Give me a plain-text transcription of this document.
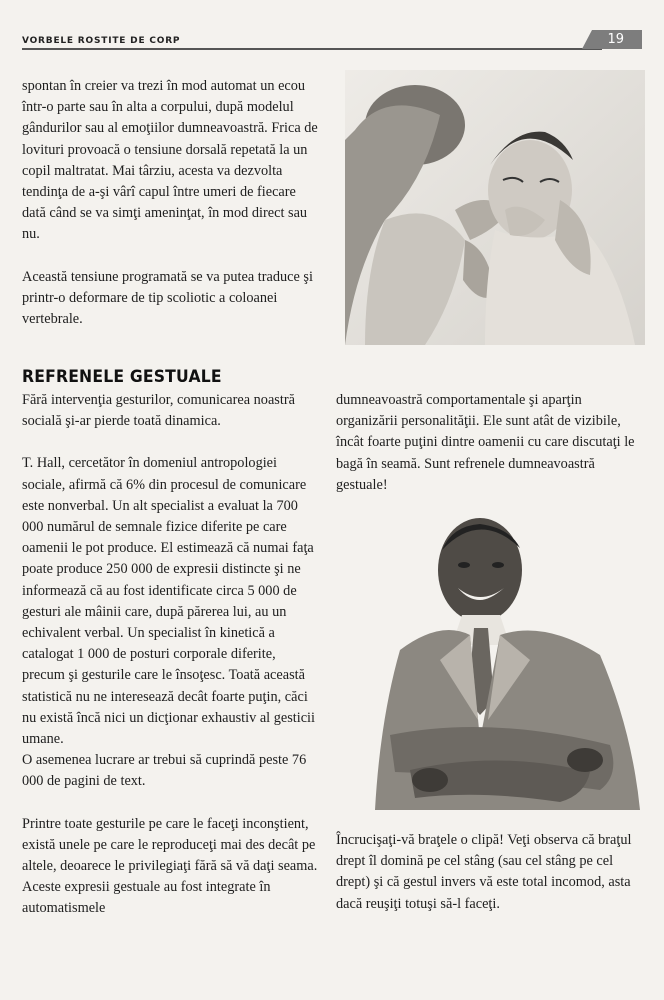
VORBELE ROSTITE DE CORP	19

spontan în creier va trezi în mod automat un ecou într-o parte sau în alta a corpului, după modelul gândurilor sau al emoţiilor dumneavoastră. Frica de lovituri provoacă o tensiune dorsală repetată la un copil maltratat. Mai târziu, acesta va dezvolta tendinţa de a-şi vârî capul între umeri de fiecare dată când se va simţi ameninţat, în mod direct sau nu.

Această tensiune programată se va putea traduce şi printr-o deformare de tip scoliotic a coloanei vertebrale.

REFRENELE GESTUALE

Fără intervenţia gesturilor, comunicarea noastră socială şi-ar pierde toată dinamica.

T. Hall, cercetător în domeniul antropologiei sociale, afirmă că 6% din procesul de comunicare este nonverbal. Un alt specialist a evaluat la 700 000 numărul de semnale fizice diferite pe care oamenii le pot produce. El estimează că numai faţa poate produce 250 000 de expresii distincte şi ne informează că au fost identificate circa 5 000 de gesturi ale mâinii care, după părerea lui, au un echivalent verbal. Un specialist în kinetică a catalogat 1 000 de posturi corporale diferite, precum şi gesturile care le însoţesc. Toată această statistică nu ne interesează decât foarte puţin, căci nu există încă nici un dicţionar exhaustiv al gesticii umane.

O asemenea lucrare ar trebui să cuprindă peste 76 000 de pagini de text.

Printre toate gesturile pe care le faceţi inconştient, există unele pe care le reproduceţi mai des decât pe altele, deoarece le privilegiaţi fără să vă daţi seama. Aceste expresii gestuale au fost integrate în automatismele

dumneavoastră comportamentale şi aparţin organizării personalităţii. Ele sunt atât de vizibile, încât foarte puţini dintre oamenii cu care discutaţi le bagă în seamă. Sunt refrenele dumneavoastră gestuale!

Încrucişaţi-vă braţele o clipă! Veţi observa că braţul drept îl domină pe cel stâng (sau cel stâng pe cel drept) şi că gestul invers vă este total incomod, asta dacă reuşiţi totuşi să-l faceţi.
